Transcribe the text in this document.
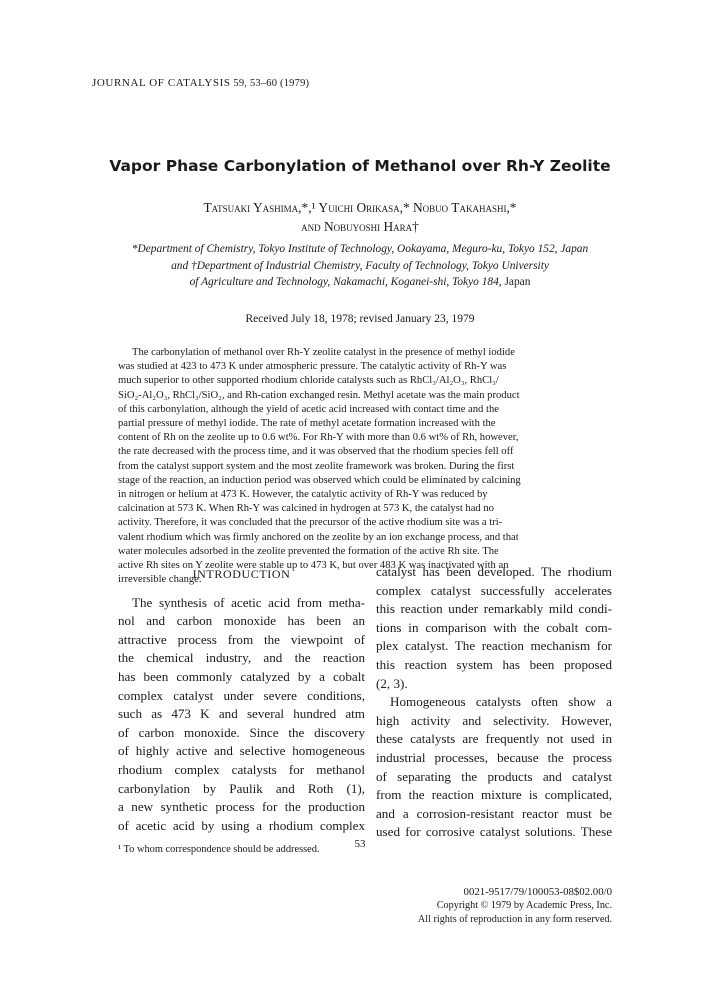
JOURNAL OF CATALYSIS 59, 53–60 (1979)
Vapor Phase Carbonylation of Methanol over Rh-Y Zeolite
Tatsuaki Yashima,*,¹ Yuichi Orikasa,* Nobuo Takahashi,*
and Nobuyoshi Hara†
*Department of Chemistry, Tokyo Institute of Technology, Ookayama, Meguro-ku, Tokyo 152, Japan
and †Department of Industrial Chemistry, Faculty of Technology, Tokyo University
of Agriculture and Technology, Nakamachi, Koganei-shi, Tokyo 184, Japan
Received July 18, 1978; revised January 23, 1979
The carbonylation of methanol over Rh-Y zeolite catalyst in the presence of methyl iodide
was studied at 423 to 473 K under atmospheric pressure. The catalytic activity of Rh-Y was
much superior to other supported rhodium chloride catalysts such as RhCl₃/Al₂O₃, RhCl₃/
SiO₂-Al₂O₃, RhCl₃/SiO₂, and Rh-cation exchanged resin. Methyl acetate was the main product
of this carbonylation, although the yield of acetic acid increased with contact time and the
partial pressure of methyl iodide. The rate of methyl acetate formation increased with the
content of Rh on the zeolite up to 0.6 wt%. For Rh-Y with more than 0.6 wt% of Rh, however,
the rate decreased with the process time, and it was observed that the rhodium species fell off
from the catalyst support system and the most zeolite framework was broken. During the first
stage of the reaction, an induction period was observed which could be eliminated by calcining
in nitrogen or helium at 473 K. However, the catalytic activity of Rh-Y was reduced by
calcination at 573 K. When Rh-Y was calcined in hydrogen at 573 K, the catalyst had no
activity. Therefore, it was concluded that the precursor of the active rhodium site was a tri-
valent rhodium which was firmly anchored on the zeolite by an ion exchange process, and that
water molecules adsorbed in the zeolite prevented the formation of the active Rh site. The
active Rh sites on Y zeolite were stable up to 473 K, but over 483 K was inactivated with an
irreversible change.
INTRODUCTION
The synthesis of acetic acid from metha-
nol and carbon monoxide has been an
attractive process from the viewpoint of
the chemical industry, and the reaction
has been commonly catalyzed by a cobalt
complex catalyst under severe conditions,
such as 473 K and several hundred atm
of carbon monoxide. Since the discovery
of highly active and selective homogeneous
rhodium complex catalysts for methanol
carbonylation by Paulik and Roth (1),
a new synthetic process for the production
of acetic acid by using a rhodium complex
¹ To whom correspondence should be addressed.
catalyst has been developed. The rhodium
complex catalyst successfully accelerates
this reaction under remarkably mild condi-
tions in comparison with the cobalt com-
plex catalyst. The reaction mechanism for
this reaction system has been proposed
(2, 3).
Homogeneous catalysts often show a
high activity and selectivity. However,
these catalysts are frequently not used in
industrial processes, because the process
of separating the products and catalyst
from the reaction mixture is complicated,
and a corrosion-resistant reactor must be
used for corrosive catalyst solutions. These
53
0021-9517/79/100053-08$02.00/0
Copyright © 1979 by Academic Press, Inc.
All rights of reproduction in any form reserved.
